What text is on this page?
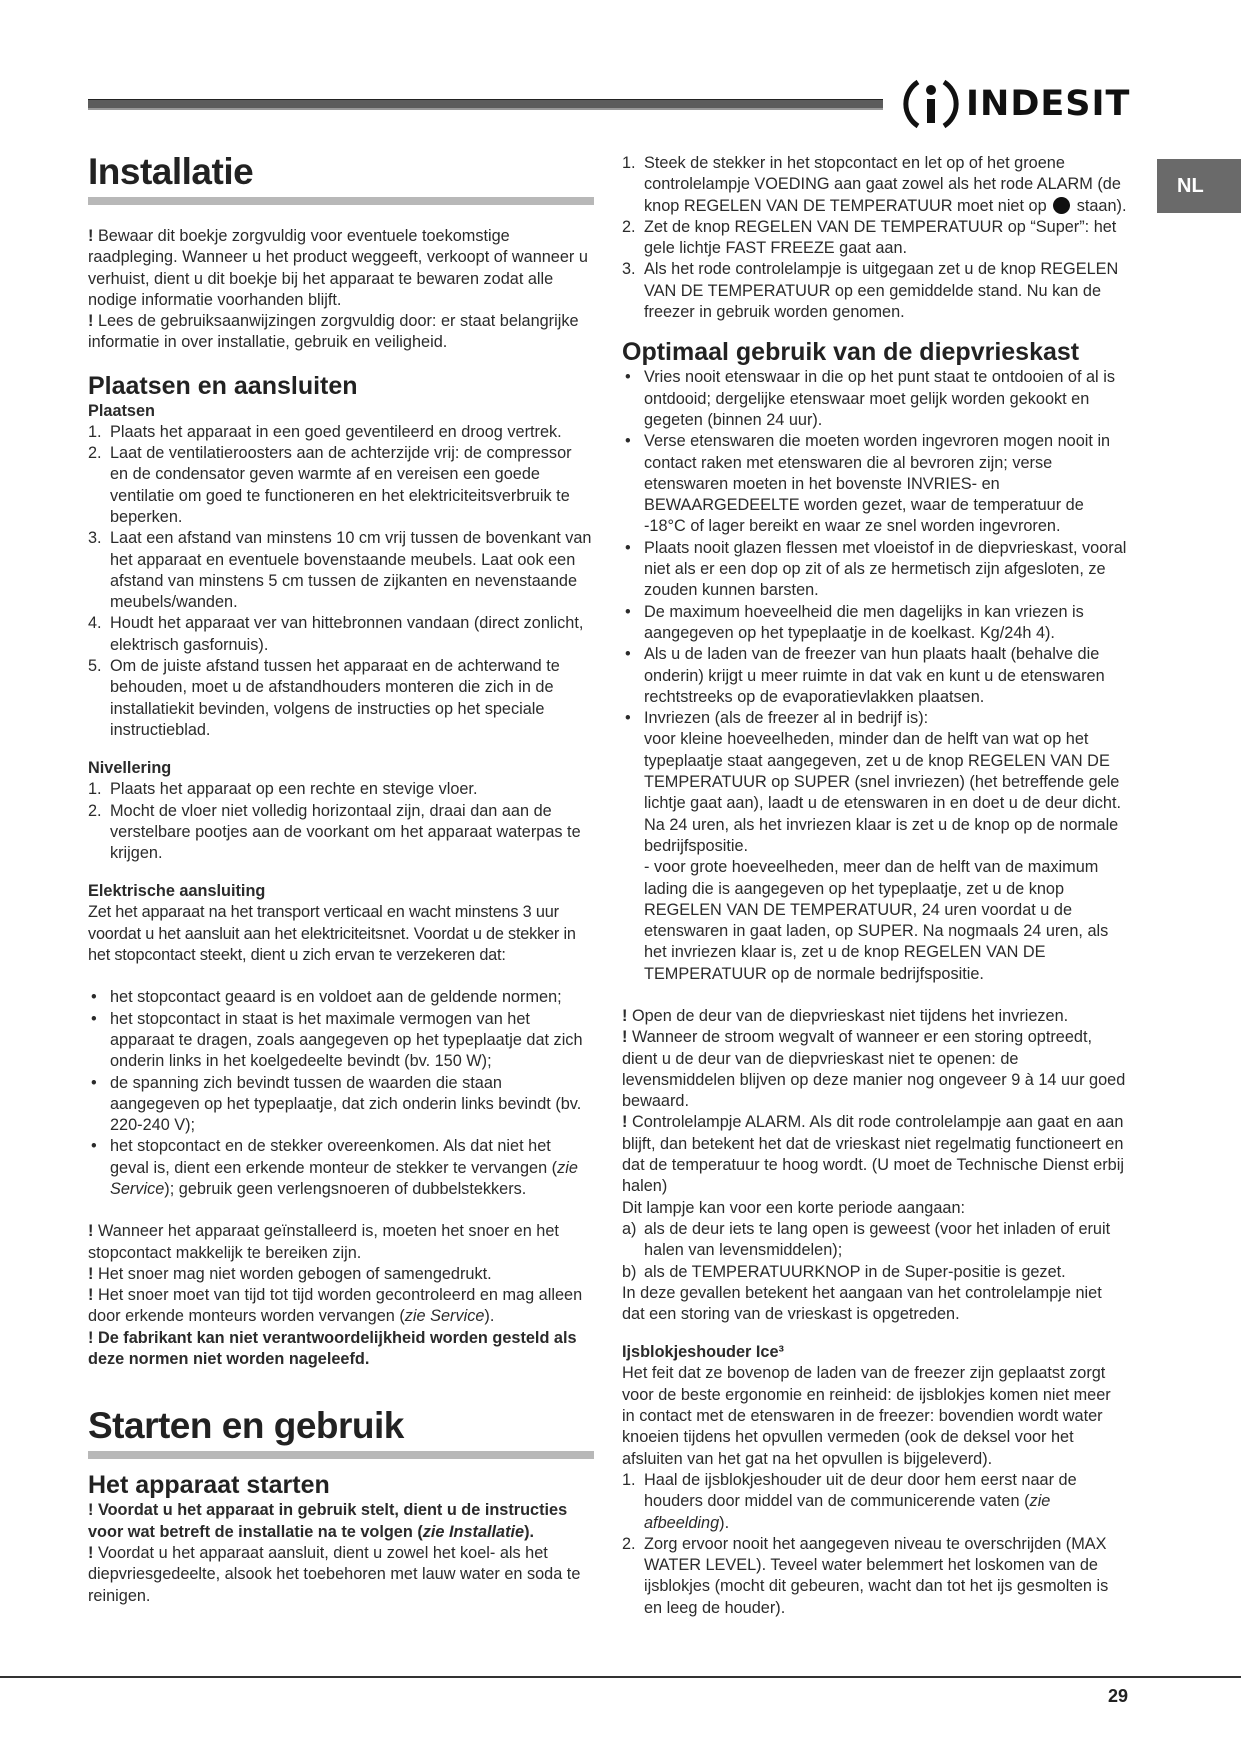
INDESIT
NL
Installatie

! Bewaar dit boekje zorgvuldig voor eventuele toekomstige raadpleging. Wanneer u het product weggeeft, verkoopt of wanneer u verhuist, dient u dit boekje bij het apparaat te bewaren zodat alle nodige informatie voorhanden blijft.

! Lees de gebruiksaanwijzingen zorgvuldig door: er staat belangrijke informatie in over installatie, gebruik en veiligheid.

Plaatsen en aansluiten
Plaatsen
1. Plaats het apparaat in een goed geventileerd en droog vertrek.
2. Laat de ventilatieroosters aan de achterzijde vrij: de compressor en de condensator geven warmte af en vereisen een goede ventilatie om goed te functioneren en het elektriciteitsverbruik te beperken.
3. Laat een afstand van minstens 10 cm vrij tussen de bovenkant van het apparaat en eventuele bovenstaande meubels. Laat ook een afstand van minstens 5 cm tussen de zijkanten en nevenstaande meubels/wanden.
4. Houdt het apparaat ver van hittebronnen vandaan (direct zonlicht, elektrisch gasfornuis).
5. Om de juiste afstand tussen het apparaat en de achterwand te behouden, moet u de afstandhouders monteren die zich in de installatiekit bevinden, volgens de instructies op het speciale instructieblad.
Nivellering
1. Plaats het apparaat op een rechte en stevige vloer.
2. Mocht de vloer niet volledig horizontaal zijn, draai dan aan de verstelbare pootjes aan de voorkant om het apparaat waterpas te krijgen.
Elektrische aansluiting

Zet het apparaat na het transport verticaal en wacht minstens 3 uur voordat u het aansluit aan het elektriciteitsnet. Voordat u de stekker in het stopcontact steekt, dient u zich ervan te verzekeren dat:

• het stopcontact geaard is en voldoet aan de geldende normen;
• het stopcontact in staat is het maximale vermogen van het apparaat te dragen, zoals aangegeven op het typeplaatje dat zich onderin links in het koelgedeelte bevindt (bv. 150 W);
• de spanning zich bevindt tussen de waarden die staan aangegeven op het typeplaatje, dat zich onderin links bevindt (bv. 220-240 V);
• het stopcontact en de stekker overeenkomen. Als dat niet het geval is, dient een erkende monteur de stekker te vervangen (zie Service); gebruik geen verlengsnoeren of dubbelstekkers.

! Wanneer het apparaat geïnstalleerd is, moeten het snoer en het stopcontact makkelijk te bereiken zijn.

! Het snoer mag niet worden gebogen of samengedrukt.

! Het snoer moet van tijd tot tijd worden gecontroleerd en mag alleen door erkende monteurs worden vervangen (zie Service).

! De fabrikant kan niet verantwoordelijkheid worden gesteld als deze normen niet worden nageleefd.

Starten en gebruik
Het apparaat starten

! Voordat u het apparaat in gebruik stelt, dient u de instructies voor wat betreft de installatie na te volgen (zie Installatie).

! Voordat u het apparaat aansluit, dient u zowel het koel- als het diepvriesgedeelte, alsook het toebehoren met lauw water en soda te reinigen.

1. Steek de stekker in het stopcontact en let op of het groene controlelampje VOEDING aan gaat zowel als het rode ALARM (de knop REGELEN VAN DE TEMPERATUUR moet niet op  staan).
2. Zet de knop REGELEN VAN DE TEMPERATUUR op “Super”: het gele lichtje FAST FREEZE gaat aan.
3. Als het rode controlelampje is uitgegaan zet u de knop REGELEN VAN DE TEMPERATUUR op een gemiddelde stand. Nu kan de freezer in gebruik worden genomen.
Optimaal gebruik van de diepvrieskast
• Vries nooit etenswaar in die op het punt staat te ontdooien of al is ontdooid; dergelijke etenswaar moet gelijk worden gekookt en gegeten (binnen 24 uur).
• Verse etenswaren die moeten worden ingevroren mogen nooit in contact raken met etenswaren die al bevroren zijn; verse etenswaren moeten in het bovenste INVRIES- en BEWAARGEDEELTE worden gezet, waar de temperatuur de -18°C of lager bereikt en waar ze snel worden ingevroren.
• Plaats nooit glazen flessen met vloeistof in de diepvrieskast, vooral niet als er een dop op zit of als ze hermetisch zijn afgesloten, ze zouden kunnen barsten.
• De maximum hoeveelheid die men dagelijks in kan vriezen is aangegeven op het typeplaatje in de koelkast. Kg/24h 4).
• Als u de laden van de freezer van hun plaats haalt (behalve die onderin) krijgt u meer ruimte in dat vak en kunt u de etenswaren rechtstreeks op de evaporatievlakken plaatsen.
• Invriezen (als de freezer al in bedrijf is):
voor kleine hoeveelheden, minder dan de helft van wat op het typeplaatje staat aangegeven, zet u de knop REGELEN VAN DE TEMPERATUUR op SUPER (snel invriezen) (het betreffende gele lichtje gaat aan), laadt u de etenswaren in en doet u de deur dicht. Na 24 uren, als het invriezen klaar is zet u de knop op de normale bedrijfspositie.
- voor grote hoeveelheden, meer dan de helft van de maximum lading die is aangegeven op het typeplaatje, zet u de knop REGELEN VAN DE TEMPERATUUR, 24 uren voordat u de etenswaren in gaat laden, op SUPER. Na nogmaals 24 uren, als het invriezen klaar is, zet u de knop REGELEN VAN DE TEMPERATUUR op de normale bedrijfspositie.

! Open de deur van de diepvrieskast niet tijdens het invriezen.

! Wanneer de stroom wegvalt of wanneer er een storing optreedt, dient u de deur van de diepvrieskast niet te openen: de levensmiddelen blijven op deze manier nog ongeveer 9 à 14 uur goed bewaard.

! Controlelampje ALARM. Als dit rode controlelampje aan gaat en aan blijft, dan betekent het dat de vrieskast niet regelmatig functioneert en dat de temperatuur te hoog wordt. (U moet de Technische Dienst erbij halen)

Dit lampje kan voor een korte periode aangaan:

a) als de deur iets te lang open is geweest (voor het inladen of eruit halen van levensmiddelen);
b) als de TEMPERATUURKNOP in de Super-positie is gezet.

In deze gevallen betekent het aangaan van het controlelampje niet dat een storing van de vrieskast is opgetreden.

Ijsblokjeshouder Ice³

Het feit dat ze bovenop de laden van de freezer zijn geplaatst zorgt voor de beste ergonomie en reinheid: de ijsblokjes komen niet meer in contact met de etenswaren in de freezer: bovendien wordt water knoeien tijdens het opvullen vermeden (ook de deksel voor het afsluiten van het gat na het opvullen is bijgeleverd).

1. Haal de ijsblokjeshouder uit de deur door hem eerst naar de houders door middel van de communicerende vaten (zie afbeelding).
2. Zorg ervoor nooit het aangegeven niveau te overschrijden (MAX WATER LEVEL). Teveel water belemmert het loskomen van de ijsblokjes (mocht dit gebeuren, wacht dan tot het ijs gesmolten is en leeg de houder).
29
